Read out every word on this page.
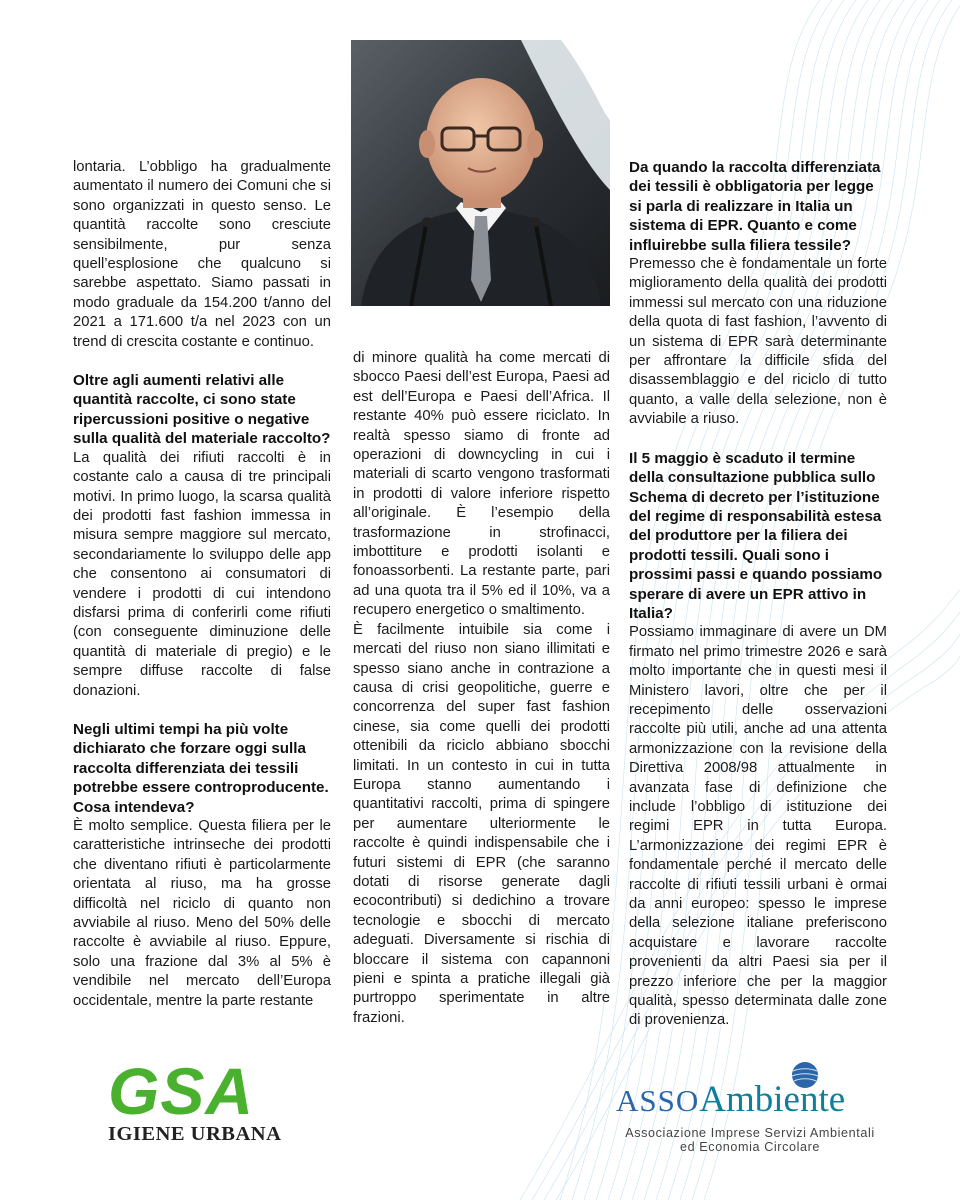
lontaria. L’obbligo ha gradualmente aumentato il numero dei Comuni che si sono organizzati in questo senso. Le quantità raccolte sono cresciute sensibilmente, pur senza quell’esplosione che qualcuno si sarebbe aspettato. Siamo passati in modo graduale da 154.200 t/anno del 2021 a 171.600 t/a nel 2023 con un trend di crescita costante e continuo.

Oltre agli aumenti relativi alle quantità raccolte, ci sono state ripercussioni positive o negative sulla qualità del materiale raccolto?

La qualità dei rifiuti raccolti è in costante calo a causa di tre principali motivi. In primo luogo, la scarsa qualità dei prodotti fast fashion immessa in misura sempre maggiore sul mercato, secondariamente lo sviluppo delle app che consentono ai consumatori di vendere i prodotti di cui intendono disfarsi prima di conferirli come rifiuti (con conseguente diminuzione delle quantità di materiale di pregio) e le sempre diffuse raccolte di false donazioni.

Negli ultimi tempi ha più volte dichiarato che forzare oggi sulla raccolta differenziata dei tessili potrebbe essere controproducente. Cosa intendeva?

È molto semplice. Questa filiera per le caratteristiche intrinseche dei prodotti che diventano rifiuti è particolarmente orientata al riuso, ma ha grosse difficoltà nel riciclo di quanto non avviabile al riuso. Meno del 50% delle raccolte è avviabile al riuso. Eppure, solo una frazione dal 3% al 5% è vendibile nel mercato dell’Europa occidentale, mentre la parte restante

di minore qualità ha come mercati di sbocco Paesi dell’est Europa, Paesi ad est dell’Europa e Paesi dell’Africa. Il restante 40% può essere riciclato. In realtà spesso siamo di fronte ad operazioni di downcycling in cui i materiali di scarto vengono trasformati in prodotti di valore inferiore rispetto all’originale. È l’esempio della trasformazione in strofinacci, imbottiture e prodotti isolanti e fonoassorbenti. La restante parte, pari ad una quota tra il 5% ed il 10%, va a recupero energetico o smaltimento.

È facilmente intuibile sia come i mercati del riuso non siano illimitati e spesso siano anche in contrazione a causa di crisi geopolitiche, guerre e concorrenza del super fast fashion cinese, sia come quelli dei prodotti ottenibili da riciclo abbiano sbocchi limitati. In un contesto in cui in tutta Europa stanno aumentando i quantitativi raccolti, prima di spingere per aumentare ulteriormente le raccolte è quindi indispensabile che i futuri sistemi di EPR (che saranno dotati di risorse generate dagli ecocontributi) si dedichino a trovare tecnologie e sbocchi di mercato adeguati. Diversamente si rischia di bloccare il sistema con capannoni pieni e spinta a pratiche illegali già purtroppo sperimentate in altre frazioni.

Da quando la raccolta differenziata dei tessili è obbligatoria per legge si parla di realizzare in Italia un sistema di EPR. Quanto e come influirebbe sulla filiera tessile?

Premesso che è fondamentale un forte miglioramento della qualità dei prodotti immessi sul mercato con una riduzione della quota di fast fashion, l’avvento di un sistema di EPR sarà determinante per affrontare la difficile sfida del disassemblaggio e del riciclo di tutto quanto, a valle della selezione, non è avviabile a riuso.

Il 5 maggio è scaduto il termine della consultazione pubblica sullo Schema di decreto per l’istituzione del regime di responsabilità estesa del produttore per la filiera dei prodotti tessili. Quali sono i prossimi passi e quando possiamo sperare di avere un EPR attivo in Italia?

Possiamo immaginare di avere un DM firmato nel primo trimestre 2026 e sarà molto importante che in questi mesi il Ministero lavori, oltre che per il recepimento delle osservazioni raccolte più utili, anche ad una attenta armonizzazione con la revisione della Direttiva 2008/98 attualmente in avanzata fase di definizione che include l’obbligo di istituzione dei regimi EPR in tutta Europa. L’armonizzazione dei regimi EPR è fondamentale perché il mercato delle raccolte di rifiuti tessili urbani è ormai da anni europeo: spesso le imprese della selezione italiane preferiscono acquistare e lavorare raccolte provenienti da altri Paesi sia per il prezzo inferiore che per la maggior qualità, spesso determinata dalle zone di provenienza.

GSA
IGIENE URBANA
ASSOAmbiente
Associazione Imprese Servizi Ambientali
ed Economia Circolare
